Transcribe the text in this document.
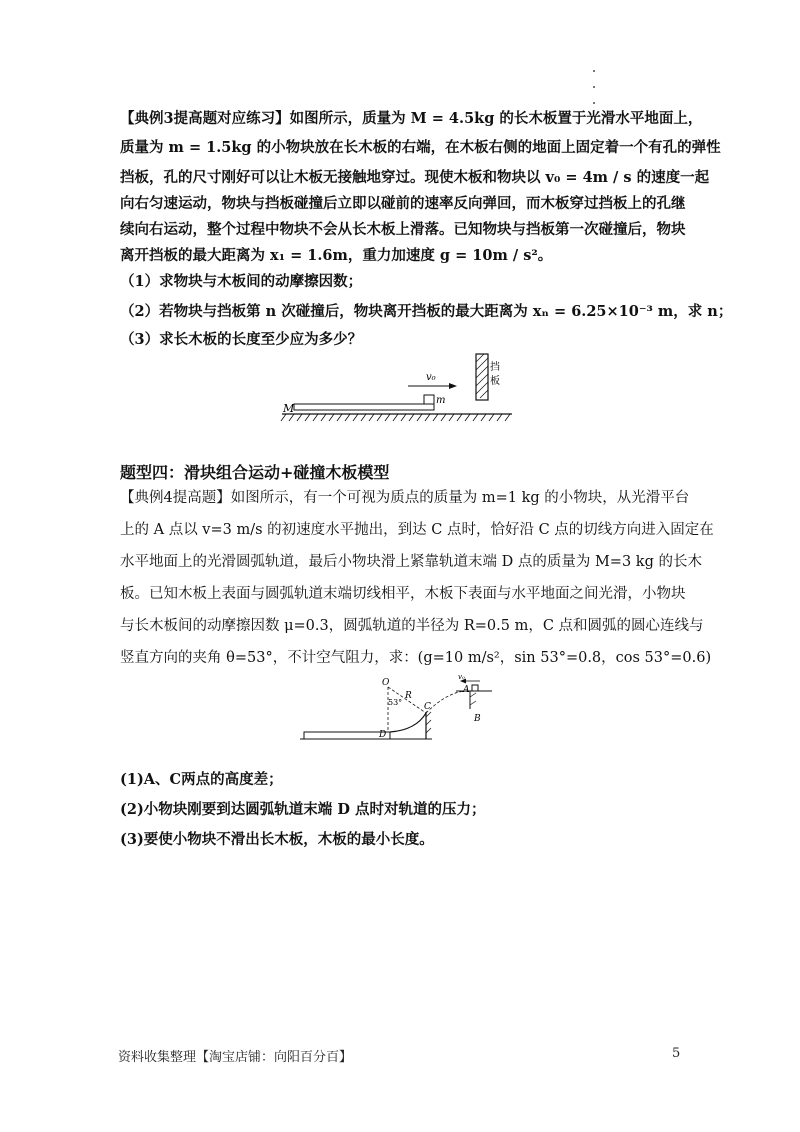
【典例3提高题对应练习】如图所示，质量为 M = 4.5kg 的长木板置于光滑水平地面上，
质量为 m = 1.5kg 的小物块放在长木板的右端，在木板右侧的地面上固定着一个有孔的弹性
挡板，孔的尺寸刚好可以让木板无接触地穿过。现使木板和物块以 v₀ = 4m / s 的速度一起
向右匀速运动，物块与挡板碰撞后立即以碰前的速率反向弹回，而木板穿过挡板上的孔继
续向右运动，整个过程中物块不会从长木板上滑落。已知物块与挡板第一次碰撞后，物块
离开挡板的最大距离为 x₁ = 1.6m，重力加速度 g = 10m / s²。
（1）求物块与木板间的动摩擦因数；
（2）若物块与挡板第 n 次碰撞后，物块离开挡板的最大距离为 xₙ = 6.25×10⁻³ m，求 n；
（3）求长木板的长度至少应为多少？
M
m
v₀
挡
板
题型四：滑块组合运动+碰撞木板模型
【典例4提高题】如图所示，有一个可视为质点的质量为 m=1 kg 的小物块，从光滑平台
上的 A 点以 v=3 m/s 的初速度水平抛出，到达 C 点时，恰好沿 C 点的切线方向进入固定在
水平地面上的光滑圆弧轨道，最后小物块滑上紧靠轨道末端 D 点的质量为 M=3 kg 的长木
板。已知木板上表面与圆弧轨道末端切线相平，木板下表面与水平地面之间光滑，小物块
与长木板间的动摩擦因数 μ=0.3，圆弧轨道的半径为 R=0.5 m，C 点和圆弧的圆心连线与
竖直方向的夹角 θ=53°，不计空气阻力，求：(g=10 m/s²，sin 53°=0.8，cos 53°=0.6)
O
R
53° C
D
A
B
v₀
(1)A、C两点的高度差；
(2)小物块刚要到达圆弧轨道末端 D 点时对轨道的压力；
(3)要使小物块不滑出长木板，木板的最小长度。
资料收集整理【淘宝店铺：向阳百分百】	5
